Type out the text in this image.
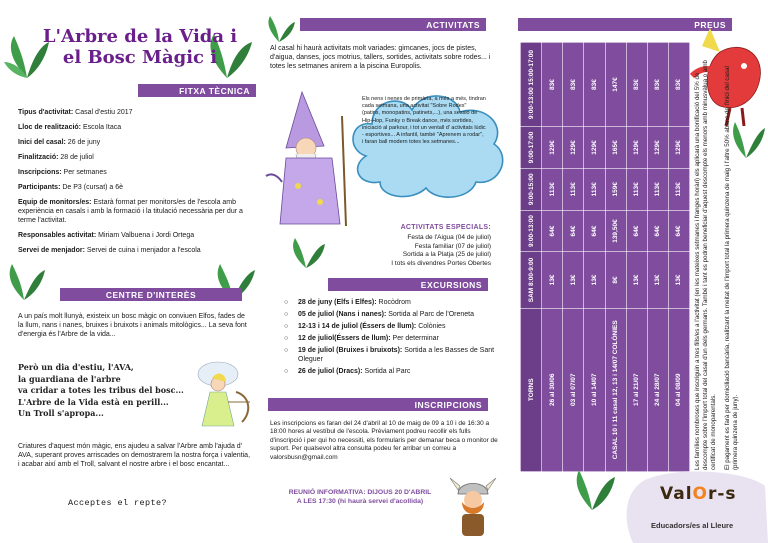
L'Arbre de la Vida i
el Bosc Màgic i
FITXA TÈCNICA

Tipus d'activitat: Casal d'estiu 2017

Lloc de realització: Escola Itaca

Inici del casal: 26 de juny

Finalització: 28 de juliol

Inscripcions: Per setmanes

Participants: De P3 (cursat) a 6è

Equip de monitors/es: Estarà format per monitors/es de l'escola amb experiència en casals i amb la formació i la titulació necessària per dur a terme l'activitat.

Responsables activitat: Miriam Valbuena i Jordi Ortega

Servei de menjador: Servei de cuina i menjador a l'escola

CENTRE D'INTERÈS
A un país molt llunyà, existeix un bosc màgic on conviuen Elfos, fades de la llum, nans i nanes, bruixes i bruixots i animals mitològics... La seva font d'energia és l'Arbre de la vida...
Però un dia d'estiu, l'AVA,
la guardiana de l'arbre
va cridar a totes les tribus del bosc...
L'Arbre de la Vida està en perill...
Un Troll s'apropa...
Criatures d'aquest món màgic, ens ajudeu a salvar l'Arbre amb l'ajuda d' AVA, superant proves arriscades on demostrarem la nostra força i valentia, i acabar així amb el Troll, salvant el nostre arbre i el bosc encantat...
Acceptes el repte?
ACTIVITATS
Al casal hi haurà activitats molt variades: gimcanes, jocs de pistes, d'aigua, danses, jocs motrius, tallers, sortides, activitats sobre rodes... i totes les setmanes anirem a la piscina Europolis.
Els nens i nenes de primària, a més a més, tindran cada setmana, una activitat "Sobre Rodes" (patins, monopatins, patinets,...), una sessió de Hip-Hop, Funky o Break dance, més sortides, iniciació al parkour, i tot un ventall d' activitats lúdic - esportives... A infantil, també "Aprenem a rodar", i faran ball modern totes les setmanes...
ACTIVITATS ESPECIALS:
Festa de l'Aigua (04 de juliol)
Festa familiar (07 de juliol)
Sortida a la Platja (25 de juliol)
I tots els divendres Portes Obertes
EXCURSIONS
○ 28 de juny (Elfs i Elfes): Rocòdrom
○ 05 de juliol (Nans i nanes): Sortida al Parc de l'Oreneta
○ 12-13 i 14 de juliol (Éssers de llum): Colònies
○ 12 de juliol(Éssers de llum): Per determinar
○ 19 de juliol (Bruixes i bruixots): Sortida a les Basses de Sant Oleguer
○ 26 de juliol (Dracs): Sortida al Parc
INSCRIPCIONS
Les inscripcions es faran del 24 d'abril al 10 de maig de 09 a 10 i de 16:30 a 18:00 hores al vestíbul de l'escola. Prèviament podreu recollir els fulls d'inscripció i per qui ho necessiti, els formularis per demanar beca o monitor de suport. Per qualsevol altra consulta podeu fer arribar un correu a valorsbusn@gmail.com
REUNIÓ INFORMATIVA: DIJOUS 20 D'ABRIL
A LES 17:30 (hi haurà servei d'acollida)
PREUS
TORNS	SAM 8:00-9:00	9:00-13:00	9:00-15:00	9:00-17:00	9:00-13:00 15:00-17:00
26 al 30/06	13€	64€	113€	129€	83€
03 al 07/07	13€	64€	113€	129€	83€
10 al 14/07	13€	64€	113€	129€	83€
CASAL 10 i 11 casal 12, 13 i 14/07 COLÒNIES	8€	139,50€	159€	165€	147€
17 al 21/07	13€	64€	113€	129€	83€
24 al 28/07	13€	64€	113€	129€	83€
04 al 08/09	13€	64€	113€	129€	83€ Les famílies nombroses que inscriguin a tres fills/es a l'activitat (en les mateixes setmanes i franges horàri) els aplicarà una bonificació del 5% de descompte sobre l'import total del casal d'un dels germans. També i tant es podran beneficiar d'aquest descompte els menors amb minusvàlua o amb certificat de monoparentals. El pagament es farà per domiciliació bancària, realitzant la meitat de l'import total la primera quinzena de maig i l'altre 50% abans de l'inici del casal (primera quinzena de juny).

ValOr-s
Educadors/es al Lleure
